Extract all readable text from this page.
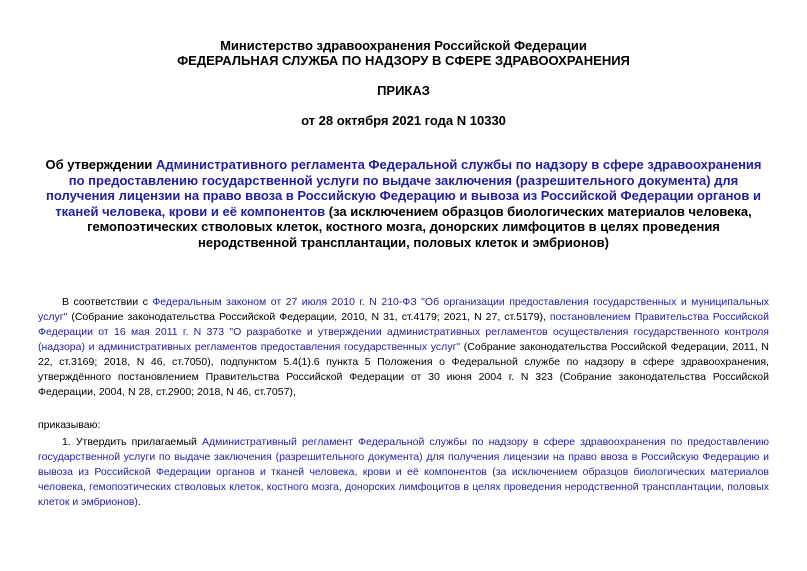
Министерство здравоохранения Российской Федерации
ФЕДЕРАЛЬНАЯ СЛУЖБА ПО НАДЗОРУ В СФЕРЕ ЗДРАВООХРАНЕНИЯ
ПРИКАЗ
от 28 октября 2021 года N 10330
Об утверждении Административного регламента Федеральной службы по надзору в сфере здравоохранения по предоставлению государственной услуги по выдаче заключения (разрешительного документа) для получения лицензии на право ввоза в Российскую Федерацию и вывоза из Российской Федерации органов и тканей человека, крови и её компонентов (за исключением образцов биологических материалов человека, гемопоэтических стволовых клеток, костного мозга, донорских лимфоцитов в целях проведения неродственной трансплантации, половых клеток и эмбрионов)
В соответствии с Федеральным законом от 27 июля 2010 г. N 210-ФЗ "Об организации предоставления государственных и муниципальных услуг" (Собрание законодательства Российской Федерации, 2010, N 31, ст.4179; 2021, N 27, ст.5179), постановлением Правительства Российской Федерации от 16 мая 2011 г. N 373 "О разработке и утверждении административных регламентов осуществления государственного контроля (надзора) и административных регламентов предоставления государственных услуг" (Собрание законодательства Российской Федерации, 2011, N 22, ст.3169; 2018, N 46, ст.7050), подпунктом 5.4(1).6 пункта 5 Положения о Федеральной службе по надзору в сфере здравоохранения, утверждённого постановлением Правительства Российской Федерации от 30 июня 2004 г. N 323 (Собрание законодательства Российской Федерации, 2004, N 28, ст.2900; 2018, N 46, ст.7057),
приказываю:
1. Утвердить прилагаемый Административный регламент Федеральной службы по надзору в сфере здравоохранения по предоставлению государственной услуги по выдаче заключения (разрешительного документа) для получения лицензии на право ввоза в Российскую Федерацию и вывоза из Российской Федерации органов и тканей человека, крови и её компонентов (за исключением образцов биологических материалов человека, гемопоэтических стволовых клеток, костного мозга, донорских лимфоцитов в целях проведения неродственной трансплантации, половых клеток и эмбрионов).
